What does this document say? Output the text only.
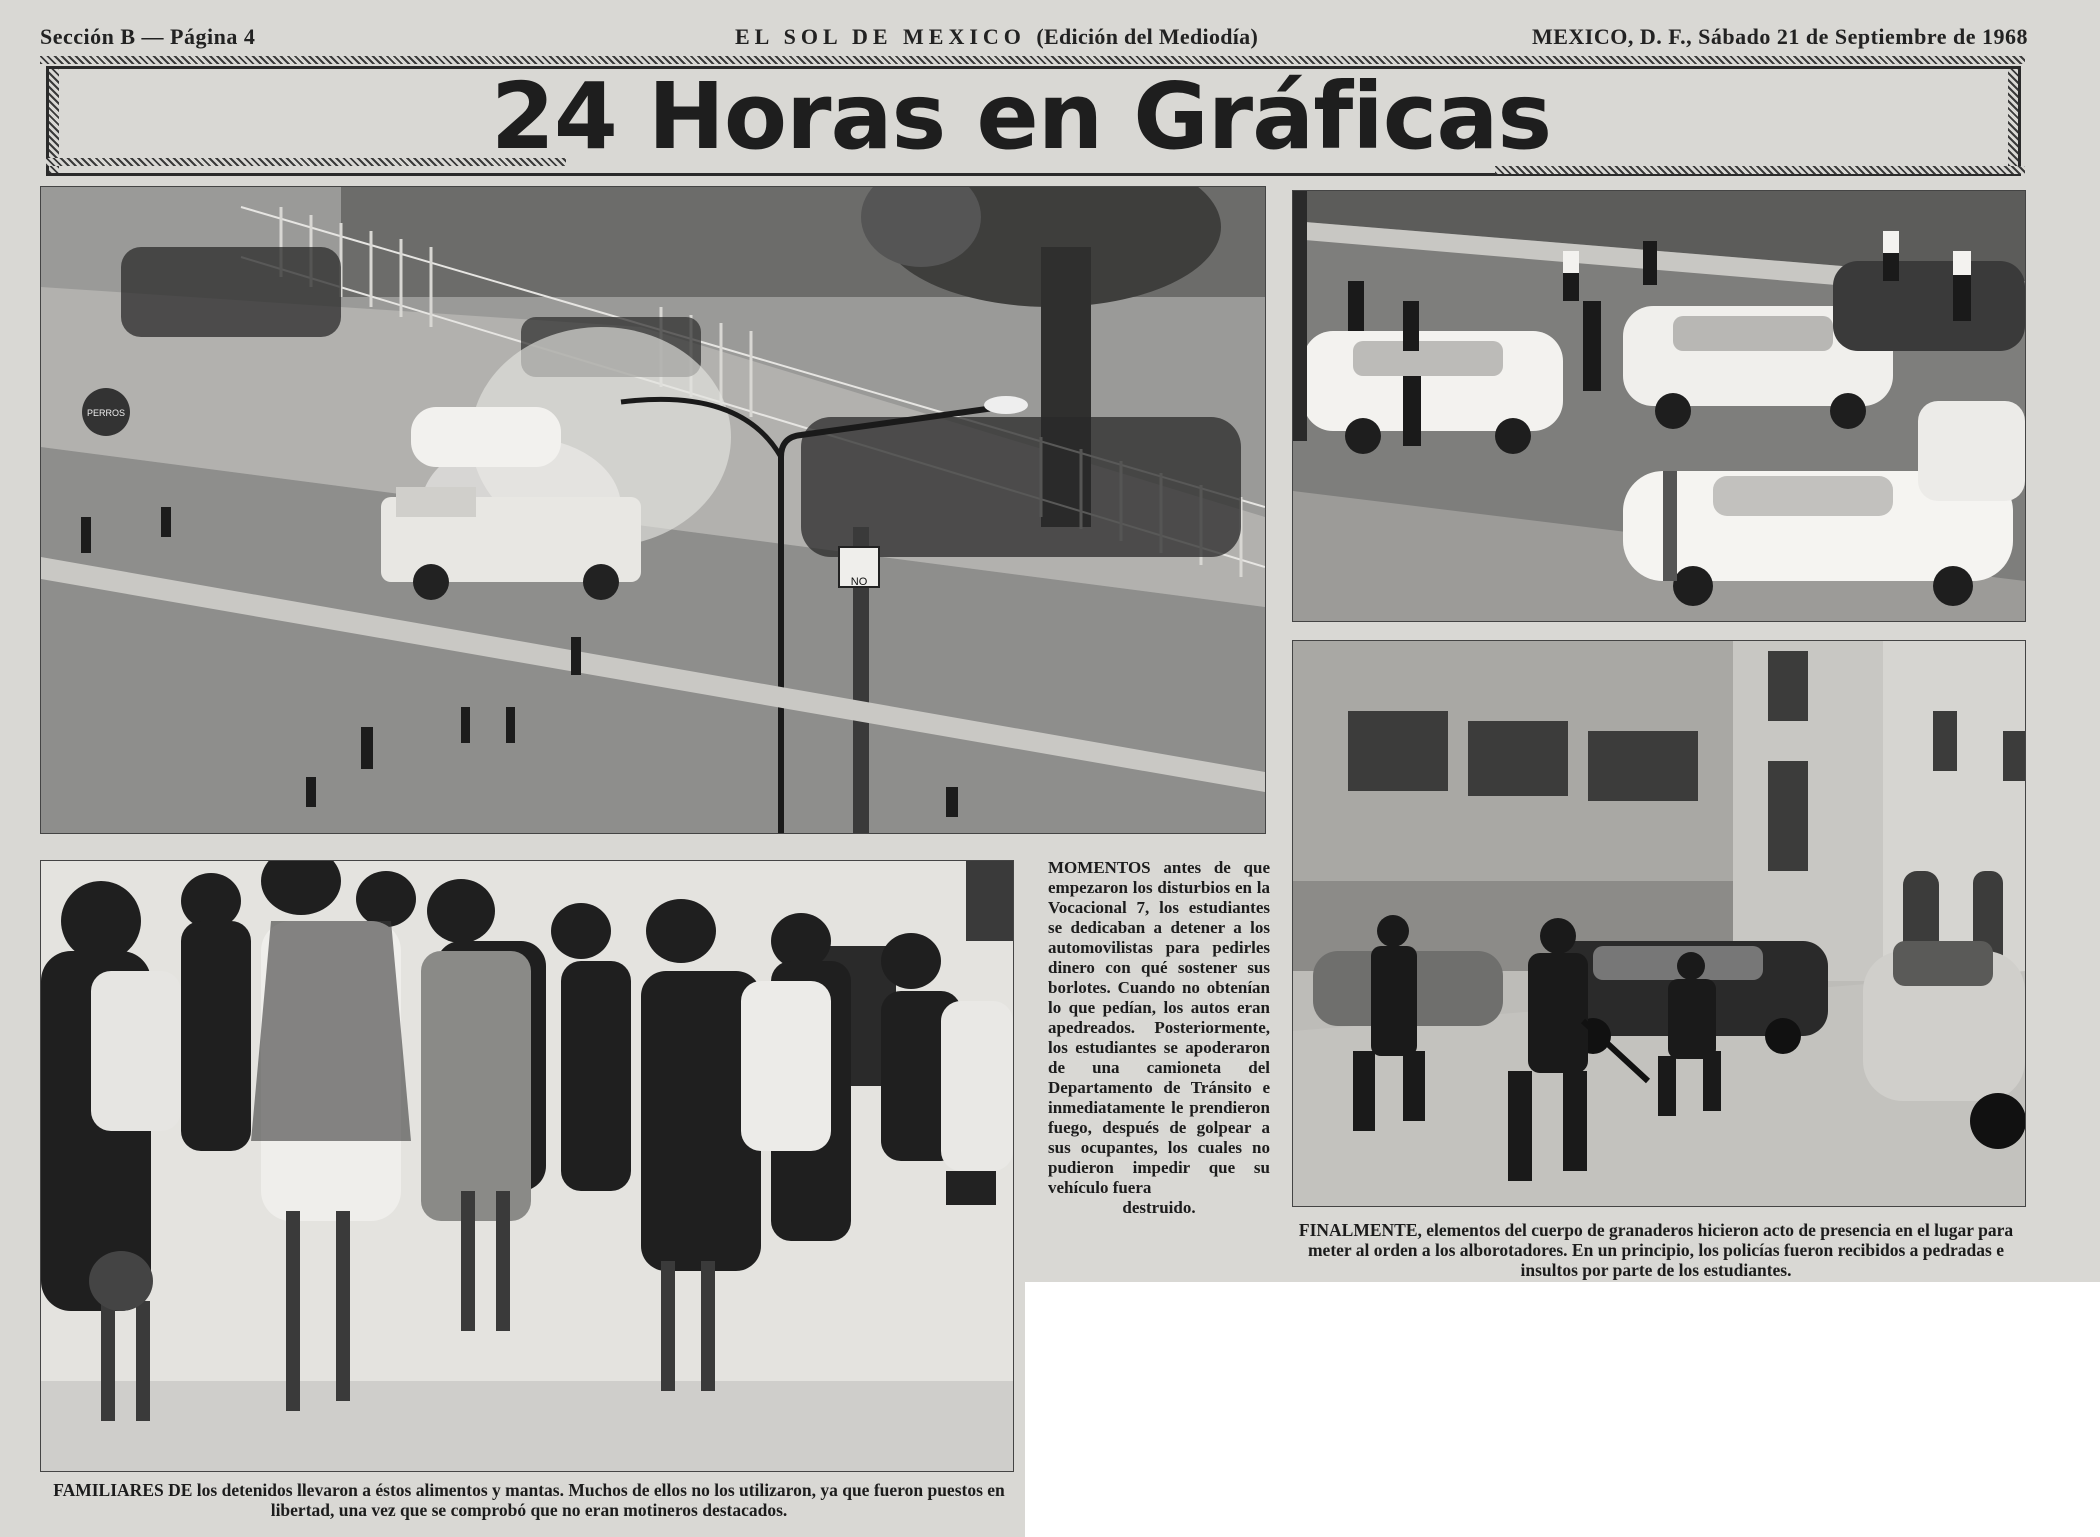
Sección B — Página 4	EL SOL DE MEXICO (Edición del Mediodía)	MEXICO, D. F., Sábado 21 de Septiembre de 1968
24 Horas en Gráficas
NO
PERROS
MOMENTOS antes de que empezaron los disturbios en la Vocacional 7, los estudiantes se dedicaban a detener a los automovilistas para pedirles dinero con qué sostener sus borlotes. Cuando no obtenían lo que pedían, los autos eran apedreados. Posteriormente, los estudiantes se apoderaron de una camioneta del Departamento de Tránsito e inmediatamente le prendieron fuego, después de golpear a sus ocupantes, los cuales no pudieron impedir que su vehículo fuera
destruido.
FINALMENTE, elementos del cuerpo de granaderos hicieron acto de presencia en el lugar para meter al orden a los alborotadores. En un principio, los policías fueron recibidos a pedradas e insultos por parte de los estudiantes.
FAMILIARES DE los detenidos llevaron a éstos alimentos y mantas. Muchos de ellos no los utilizaron, ya que fueron puestos en libertad, una vez que se comprobó que no eran motineros destacados.
